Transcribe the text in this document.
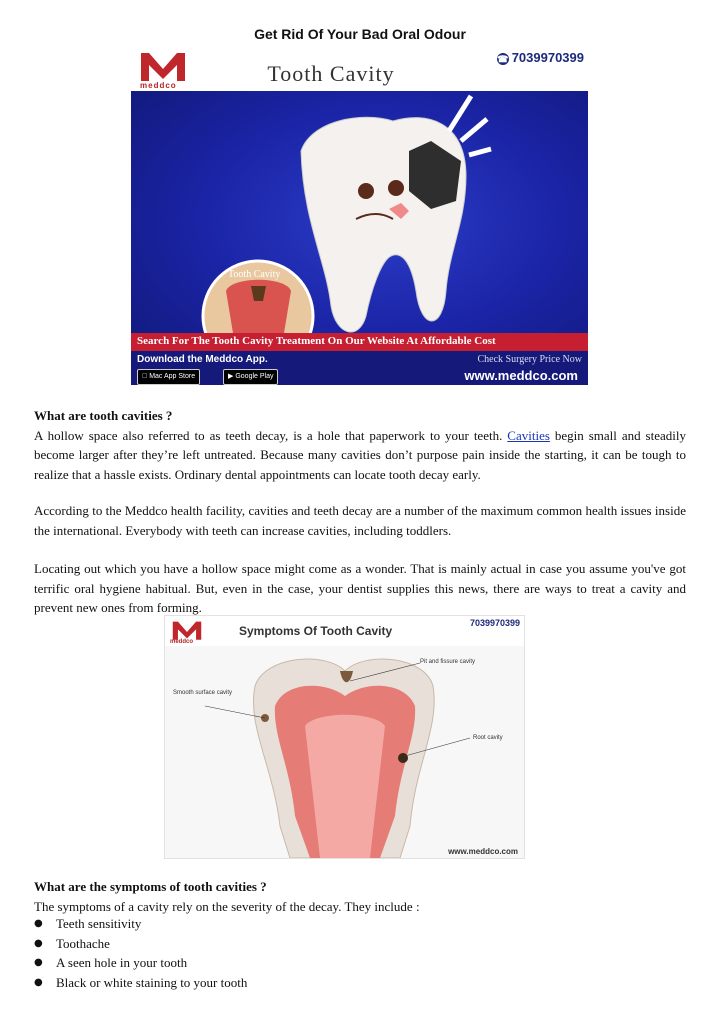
Get Rid Of Your Bad Oral Odour
meddco	Tooth Cavity
☎ 7039970399
Tooth Cavity
Search For The Tooth Cavity Treatment On Our Website At Affordable Cost
Download the Meddco App.
Mac App Store	▶ Google Play
Check Surgery Price Now
www.meddco.com
What are tooth cavities ?
A hollow space also referred to as teeth decay, is a hole that paperwork to your teeth. Cavities begin small and steadily become larger after they’re left untreated. Because many cavities don’t purpose pain inside the starting, it can be tough to realize that a hassle exists. Ordinary dental appointments can locate tooth decay early.
According to the Meddco health facility, cavities and teeth decay are a number of the maximum common health issues inside the international. Everybody with teeth can increase cavities, including toddlers.
Locating out which you have a hollow space might come as a wonder. That is mainly actual in case you assume you've got terrific oral hygiene habitual. But, even in the case, your dentist supplies this news, there are ways to treat a cavity and prevent new ones from forming.
meddco
Symptoms Of Tooth Cavity
7039970399
Pit and fissure cavity
Smooth surface cavity
Root cavity
www.meddco.com
What are the symptoms of tooth cavities ?
The symptoms of a cavity rely on the severity of the decay. They include :
● Teeth sensitivity
● Toothache
● A seen hole in your tooth
● Black or white staining to your tooth
